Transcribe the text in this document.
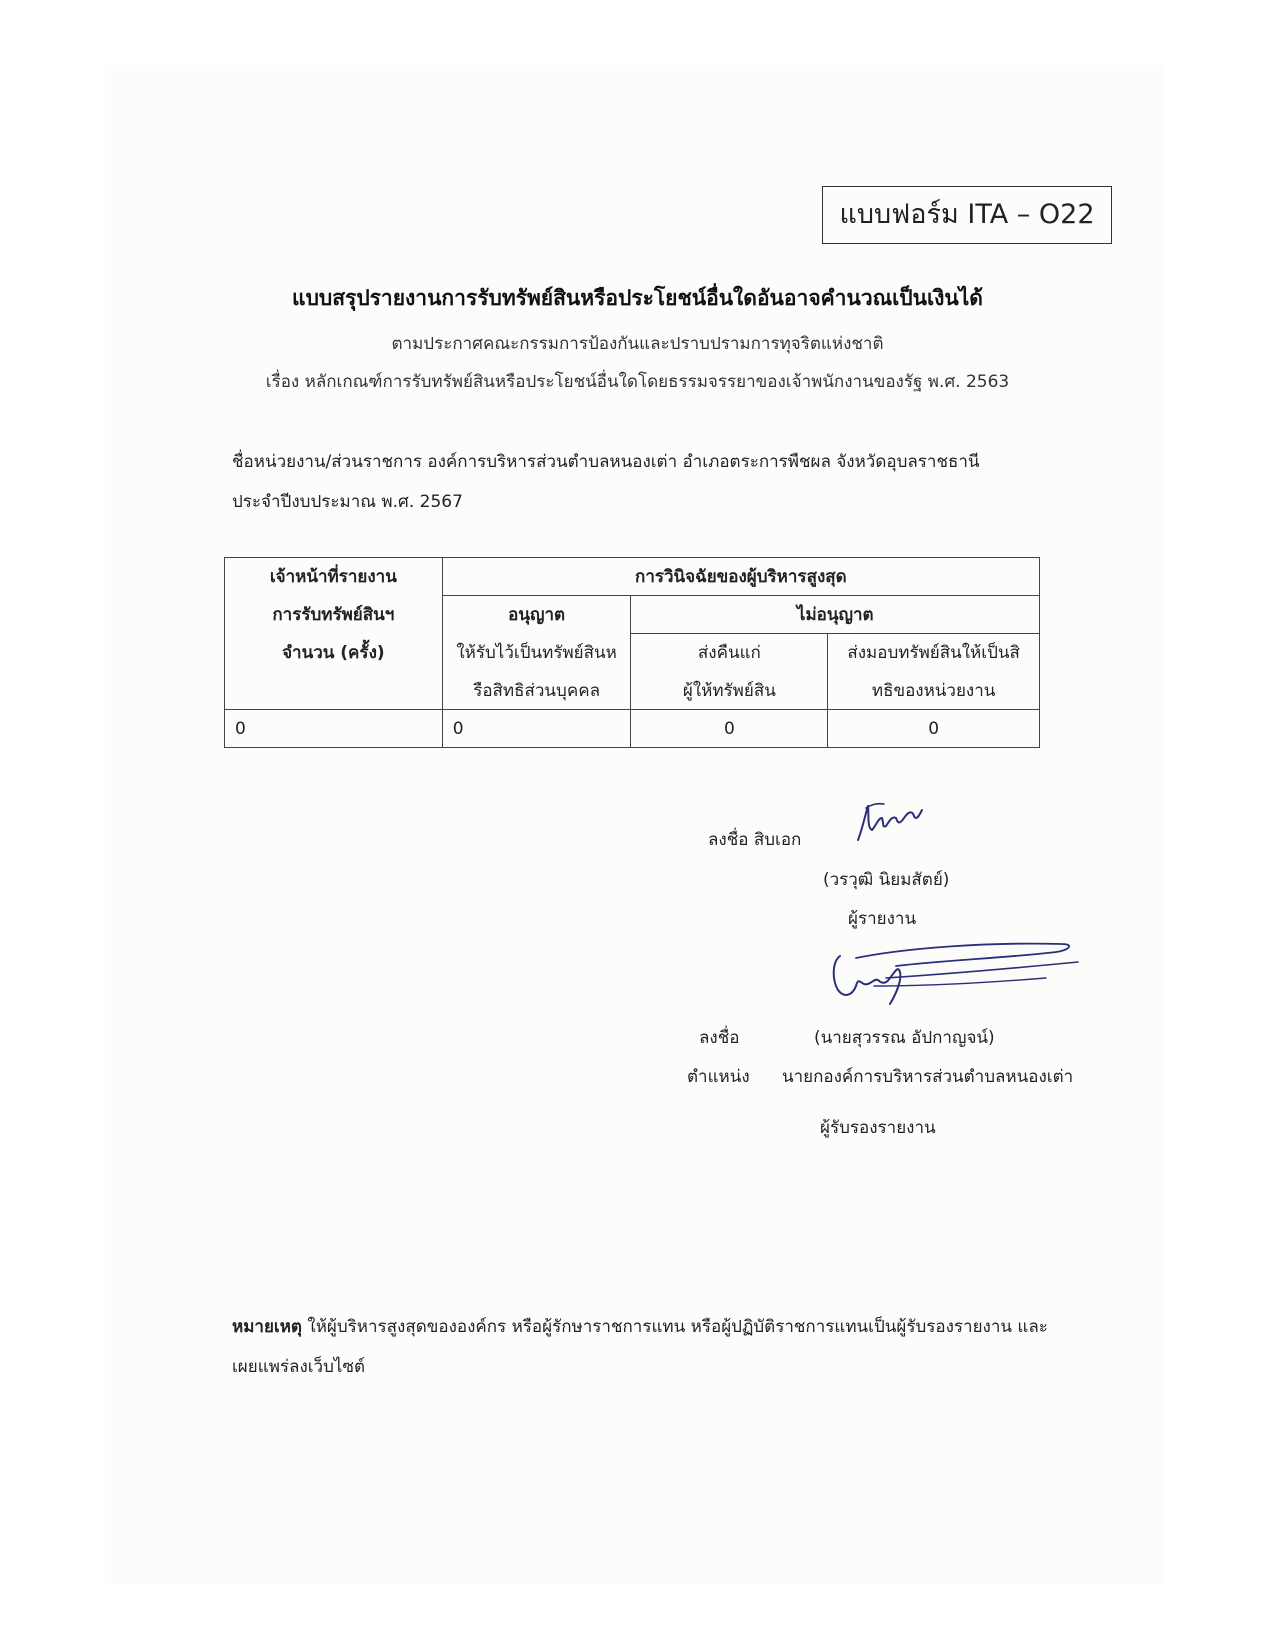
แบบฟอร์ม ITA – O22
แบบสรุปรายงานการรับทรัพย์สินหรือประโยชน์อื่นใดอันอาจคำนวณเป็นเงินได้
ตามประกาศคณะกรรมการป้องกันและปราบปรามการทุจริตแห่งชาติ
เรื่อง หลักเกณฑ์การรับทรัพย์สินหรือประโยชน์อื่นใดโดยธรรมจรรยาของเจ้าพนักงานของรัฐ พ.ศ. 2563
ชื่อหน่วยงาน/ส่วนราชการ องค์การบริหารส่วนตำบลหนองเต่า อำเภอตระการพืชผล จังหวัดอุบลราชธานี
ประจำปีงบประมาณ พ.ศ. 2567
เจ้าหน้าที่รายงาน
การรับทรัพย์สินฯ
จำนวน (ครั้ง)	การวินิจฉัยของผู้บริหารสูงสุด		
	อนุญาต	ไม่อนุญาต	
	ให้รับไว้เป็นทรัพย์สินห	ส่งคืนแก่	ส่งมอบทรัพย์สินให้เป็นสิ
	รือสิทธิส่วนบุคคล	ผู้ให้ทรัพย์สิน	ทธิของหน่วยงาน
0	0	0	0
ลงชื่อ สิบเอก
(วรวุฒิ นิยมสัตย์)
ผู้รายงาน
ลงชื่อ	(นายสุวรรณ อัปกาญจน์)
ตำแหน่ง นายกองค์การบริหารส่วนตำบลหนองเต่า
ผู้รับรองรายงาน
หมายเหตุ ให้ผู้บริหารสูงสุดขององค์กร หรือผู้รักษาราชการแทน หรือผู้ปฏิบัติราชการแทนเป็นผู้รับรองรายงาน และเผยแพร่ลงเว็บไซต์
